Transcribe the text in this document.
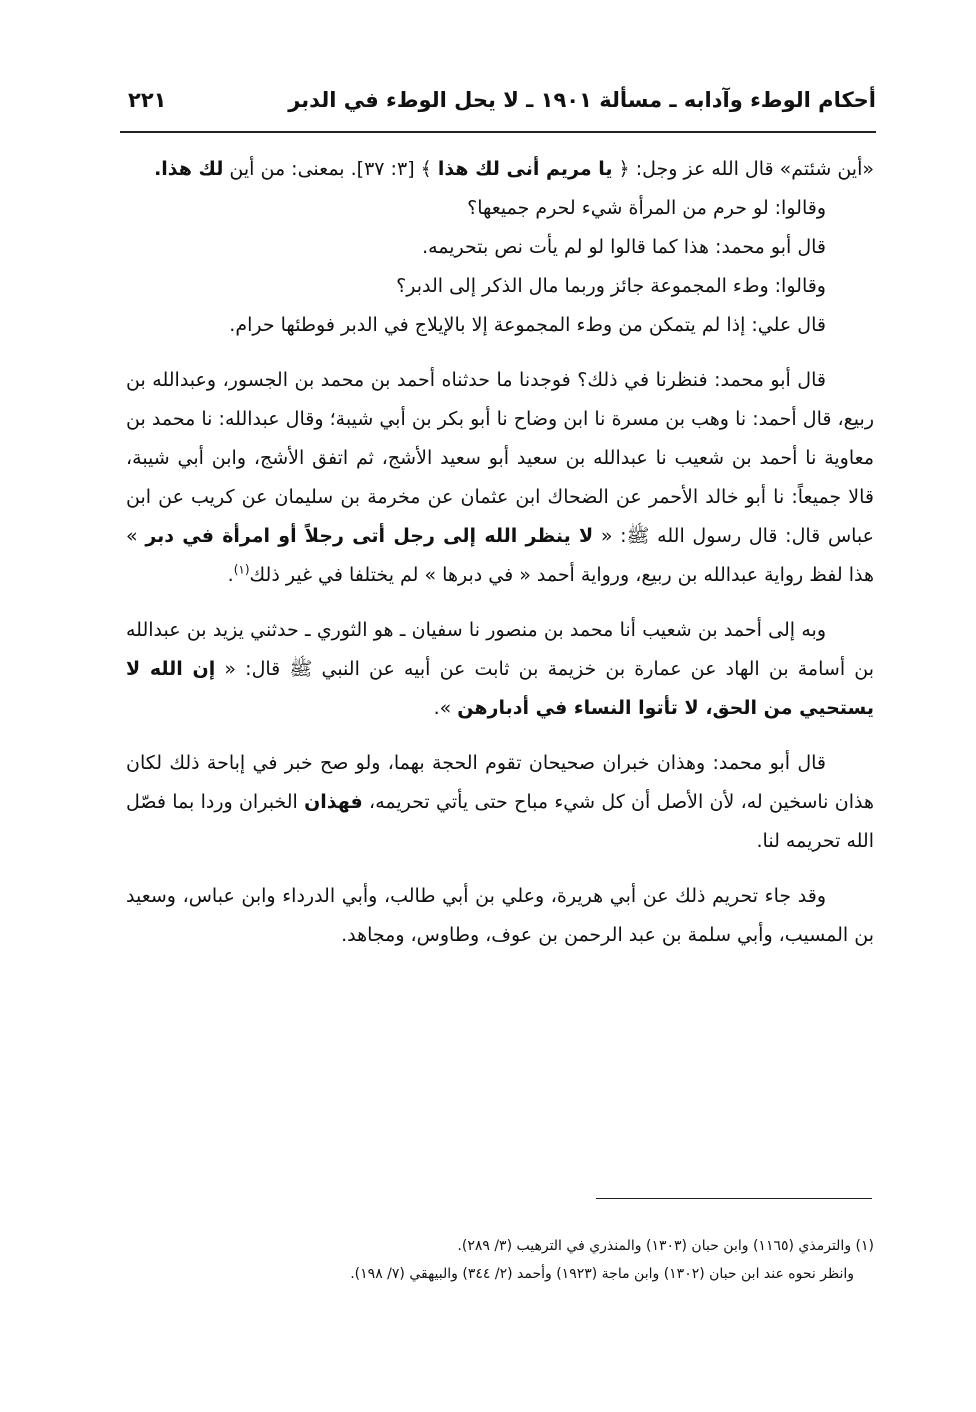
أحكام الوطء وآدابه ـ مسألة ١٩٠١ ـ لا يحل الوطء في الدبر
٢٢١

«أين شئتم» قال الله عز وجل: ﴿ يا مريم أنى لك هذا ﴾ [٣: ٣٧]. بمعنى: من أين لك هذا.

وقالوا: لو حرم من المرأة شيء لحرم جميعها؟

قال أبو محمد: هذا كما قالوا لو لم يأت نص بتحريمه.

وقالوا: وطء المجموعة جائز وربما مال الذكر إلى الدبر؟

قال علي: إذا لم يتمكن من وطء المجموعة إلا بالإيلاج في الدبر فوطئها حرام.

قال أبو محمد: فنظرنا في ذلك؟ فوجدنا ما حدثناه أحمد بن محمد بن الجسور، وعبدالله بن ربيع، قال أحمد: نا وهب بن مسرة نا ابن وضاح نا أبو بكر بن أبي شيبة؛ وقال عبدالله: نا محمد بن معاوية نا أحمد بن شعيب نا عبدالله بن سعيد أبو سعيد الأشج، ثم اتفق الأشج، وابن أبي شيبة، قالا جميعاً: نا أبو خالد الأحمر عن الضحاك ابن عثمان عن مخرمة بن سليمان عن كريب عن ابن عباس قال: قال رسول الله ﷺ: « لا ينظر الله إلى رجل أتى رجلاً أو امرأة في دبر » هذا لفظ رواية عبدالله بن ربيع، ورواية أحمد « في دبرها » لم يختلفا في غير ذلك$^{(١)}$.

وبه إلى أحمد بن شعيب أنا محمد بن منصور نا سفيان ـ هو الثوري ـ حدثني يزيد بن عبدالله بن أسامة بن الهاد عن عمارة بن خزيمة بن ثابت عن أبيه عن النبي ﷺ قال: « إن الله لا يستحيي من الحق، لا تأتوا النساء في أدبارهن ».

قال أبو محمد: وهذان خبران صحيحان تقوم الحجة بهما، ولو صح خبر في إباحة ذلك لكان هذان ناسخين له، لأن الأصل أن كل شيء مباح حتى يأتي تحريمه، فهذان الخبران وردا بما فصّل الله تحريمه لنا.

وقد جاء تحريم ذلك عن أبي هريرة، وعلي بن أبي طالب، وأبي الدرداء وابن عباس، وسعيد بن المسيب، وأبي سلمة بن عبد الرحمن بن عوف، وطاوس، ومجاهد.

(١) والترمذي (١١٦٥) وابن حبان (١٣٠٣) والمنذري في الترهيب (٣/ ٢٨٩).

وانظر نحوه عند ابن حبان (١٣٠٢) وابن ماجة (١٩٢٣) وأحمد (٢/ ٣٤٤) والبيهقي (٧/ ١٩٨).
